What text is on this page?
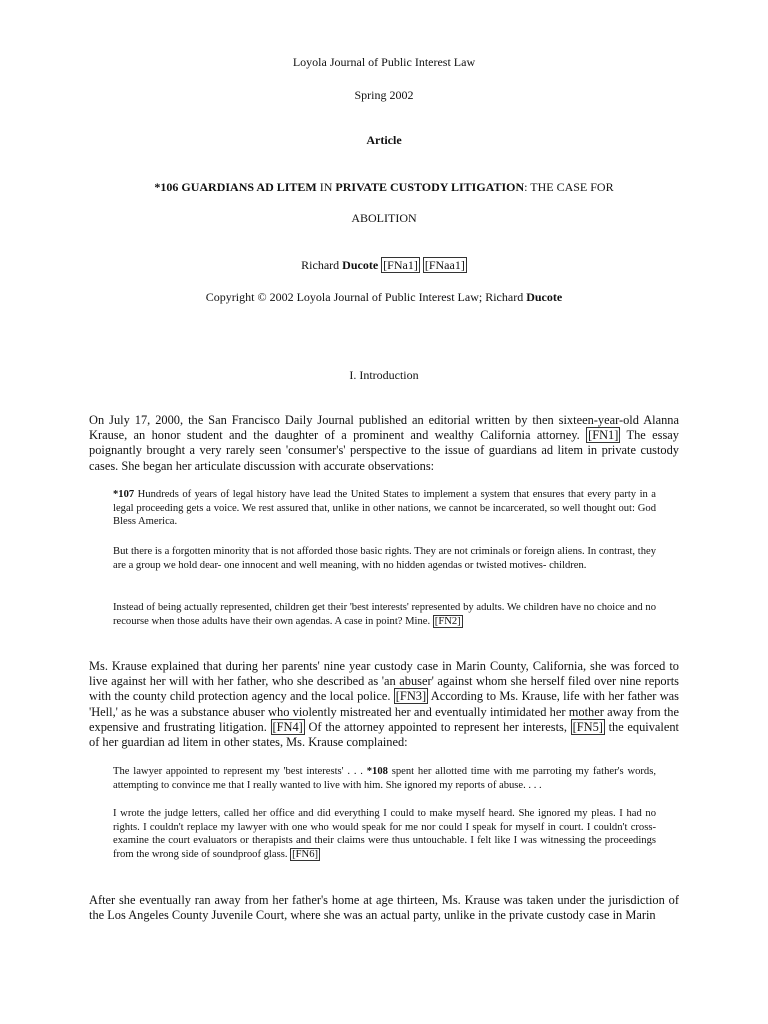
Loyola Journal of Public Interest Law
Spring 2002
Article
*106 GUARDIANS AD LITEM IN PRIVATE CUSTODY LITIGATION: THE CASE FOR
ABOLITION
Richard Ducote [FNa1] [FNaa1]
Copyright © 2002 Loyola Journal of Public Interest Law; Richard Ducote
I. Introduction
On July 17, 2000, the San Francisco Daily Journal published an editorial written by then sixteen-year-old Alanna Krause, an honor student and the daughter of a prominent and wealthy California attorney. [FN1] The essay poignantly brought a very rarely seen 'consumer's' perspective to the issue of guardians ad litem in private custody cases. She began her articulate discussion with accurate observations:
*107 Hundreds of years of legal history have lead the United States to implement a system that ensures that every party in a legal proceeding gets a voice. We rest assured that, unlike in other nations, we cannot be incarcerated, so well thought out: God Bless America.
But there is a forgotten minority that is not afforded those basic rights. They are not criminals or foreign aliens. In contrast, they are a group we hold dear- one innocent and well meaning, with no hidden agendas or twisted motives- children.
Instead of being actually represented, children get their 'best interests' represented by adults. We children have no choice and no recourse when those adults have their own agendas. A case in point? Mine. [FN2]
Ms. Krause explained that during her parents' nine year custody case in Marin County, California, she was forced to live against her will with her father, who she described as 'an abuser' against whom she herself filed over nine reports with the county child protection agency and the local police. [FN3] According to Ms. Krause, life with her father was 'Hell,' as he was a substance abuser who violently mistreated her and eventually intimidated her mother away from the expensive and frustrating litigation. [FN4] Of the attorney appointed to represent her interests, [FN5] the equivalent of her guardian ad litem in other states, Ms. Krause complained:
The lawyer appointed to represent my 'best interests' . . . *108 spent her allotted time with me parroting my father's words, attempting to convince me that I really wanted to live with him. She ignored my reports of abuse. . . .
I wrote the judge letters, called her office and did everything I could to make myself heard. She ignored my pleas. I had no rights. I couldn't replace my lawyer with one who would speak for me nor could I speak for myself in court. I couldn't cross-examine the court evaluators or therapists and their claims were thus untouchable. I felt like I was witnessing the proceedings from the wrong side of soundproof glass. [FN6]
After she eventually ran away from her father's home at age thirteen, Ms. Krause was taken under the jurisdiction of the Los Angeles County Juvenile Court, where she was an actual party, unlike in the private custody case in Marin
